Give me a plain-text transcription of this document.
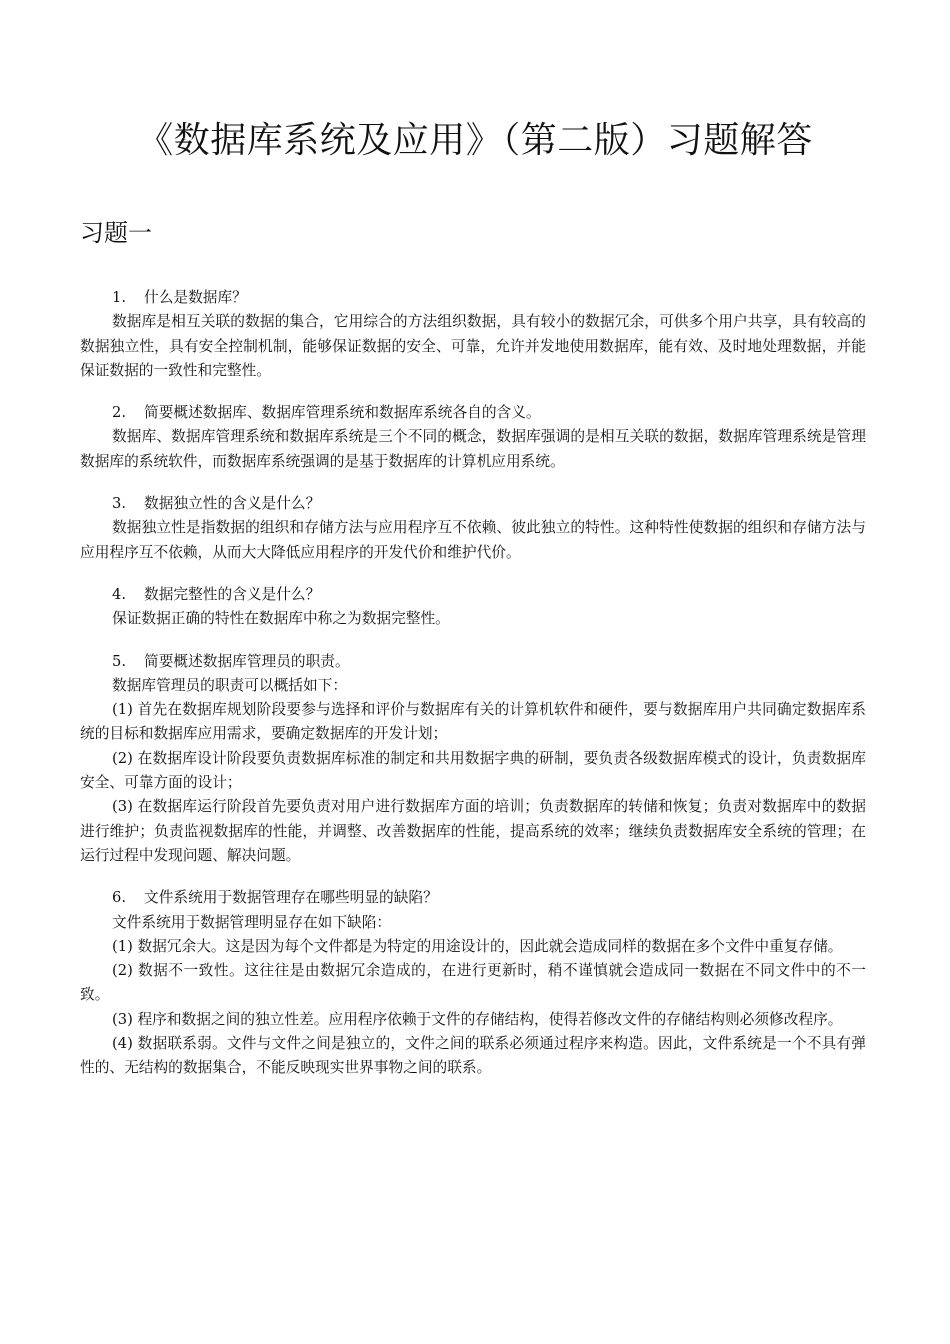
《数据库系统及应用》（第二版）习题解答
习题一

1. 什么是数据库？

数据库是相互关联的数据的集合，它用综合的方法组织数据，具有较小的数据冗余，可供多个用户共享，具有较高的数据独立性，具有安全控制机制，能够保证数据的安全、可靠，允许并发地使用数据库，能有效、及时地处理数据，并能保证数据的一致性和完整性。

2. 简要概述数据库、数据库管理系统和数据库系统各自的含义。

数据库、数据库管理系统和数据库系统是三个不同的概念，数据库强调的是相互关联的数据，数据库管理系统是管理数据库的系统软件，而数据库系统强调的是基于数据库的计算机应用系统。

3. 数据独立性的含义是什么？

数据独立性是指数据的组织和存储方法与应用程序互不依赖、彼此独立的特性。这种特性使数据的组织和存储方法与应用程序互不依赖，从而大大降低应用程序的开发代价和维护代价。

4. 数据完整性的含义是什么？

保证数据正确的特性在数据库中称之为数据完整性。

5. 简要概述数据库管理员的职责。

数据库管理员的职责可以概括如下：

(1) 首先在数据库规划阶段要参与选择和评价与数据库有关的计算机软件和硬件，要与数据库用户共同确定数据库系统的目标和数据库应用需求，要确定数据库的开发计划；

(2) 在数据库设计阶段要负责数据库标准的制定和共用数据字典的研制，要负责各级数据库模式的设计，负责数据库安全、可靠方面的设计；

(3) 在数据库运行阶段首先要负责对用户进行数据库方面的培训；负责数据库的转储和恢复；负责对数据库中的数据进行维护；负责监视数据库的性能，并调整、改善数据库的性能，提高系统的效率；继续负责数据库安全系统的管理；在运行过程中发现问题、解决问题。

6. 文件系统用于数据管理存在哪些明显的缺陷？

文件系统用于数据管理明显存在如下缺陷：

(1) 数据冗余大。这是因为每个文件都是为特定的用途设计的，因此就会造成同样的数据在多个文件中重复存储。

(2) 数据不一致性。这往往是由数据冗余造成的，在进行更新时，稍不谨慎就会造成同一数据在不同文件中的不一致。

(3) 程序和数据之间的独立性差。应用程序依赖于文件的存储结构，使得若修改文件的存储结构则必须修改程序。

(4) 数据联系弱。文件与文件之间是独立的，文件之间的联系必须通过程序来构造。因此，文件系统是一个不具有弹性的、无结构的数据集合，不能反映现实世界事物之间的联系。
